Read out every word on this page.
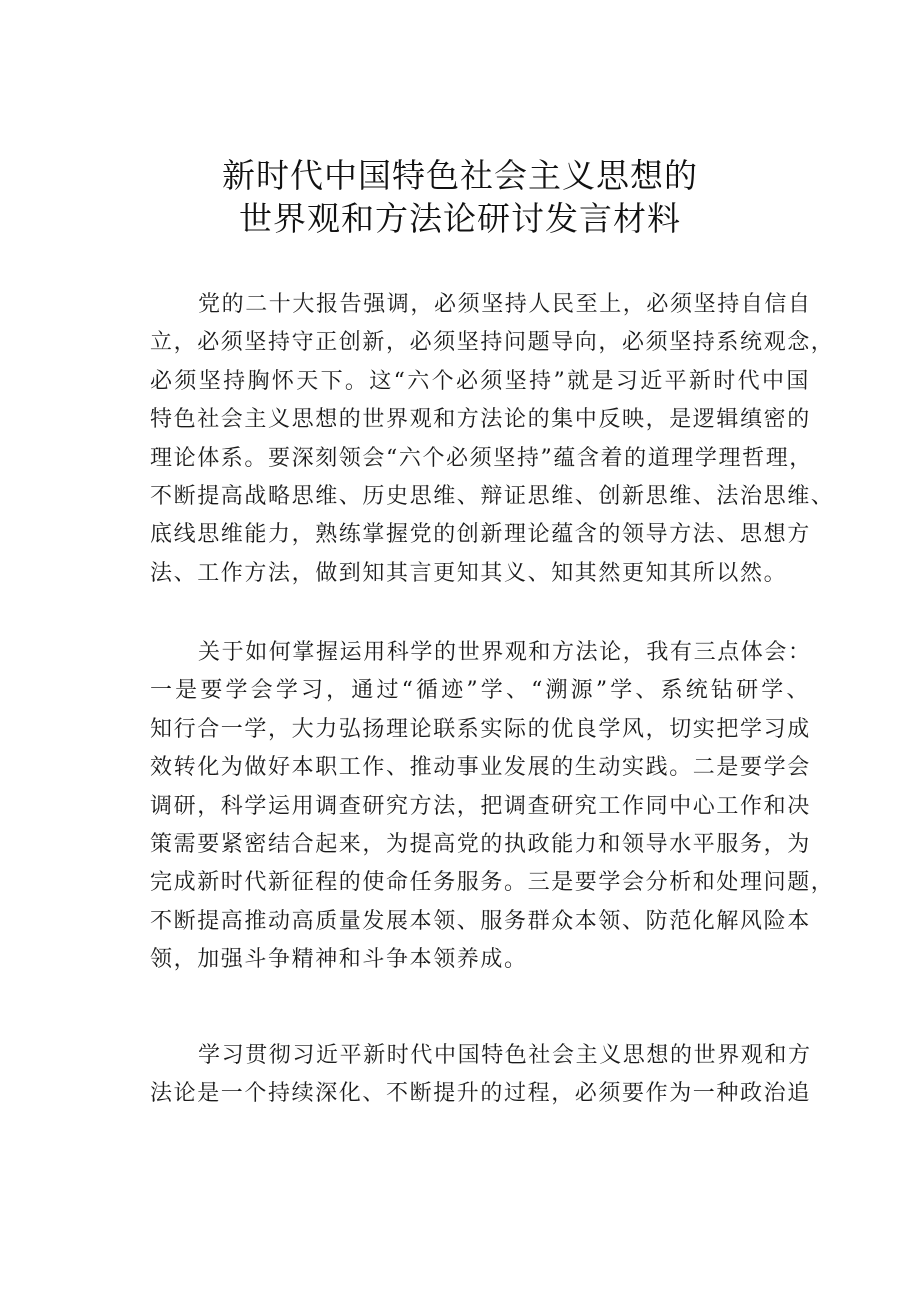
新时代中国特色社会主义思想的
世界观和方法论研讨发言材料
党的二十大报告强调，必须坚持人民至上，必须坚持自信自
立，必须坚持守正创新，必须坚持问题导向，必须坚持系统观念，
必须坚持胸怀天下。这“六个必须坚持”就是习近平新时代中国
特色社会主义思想的世界观和方法论的集中反映，是逻辑缜密的
理论体系。要深刻领会“六个必须坚持”蕴含着的道理学理哲理，
不断提高战略思维、历史思维、辩证思维、创新思维、法治思维、
底线思维能力，熟练掌握党的创新理论蕴含的领导方法、思想方
法、工作方法，做到知其言更知其义、知其然更知其所以然。
关于如何掌握运用科学的世界观和方法论，我有三点体会：
一是要学会学习，通过“循迹”学、“溯源”学、系统钻研学、
知行合一学，大力弘扬理论联系实际的优良学风，切实把学习成
效转化为做好本职工作、推动事业发展的生动实践。二是要学会
调研，科学运用调查研究方法，把调查研究工作同中心工作和决
策需要紧密结合起来，为提高党的执政能力和领导水平服务，为
完成新时代新征程的使命任务服务。三是要学会分析和处理问题，
不断提高推动高质量发展本领、服务群众本领、防范化解风险本
领，加强斗争精神和斗争本领养成。
学习贯彻习近平新时代中国特色社会主义思想的世界观和方
法论是一个持续深化、不断提升的过程，必须要作为一种政治追
